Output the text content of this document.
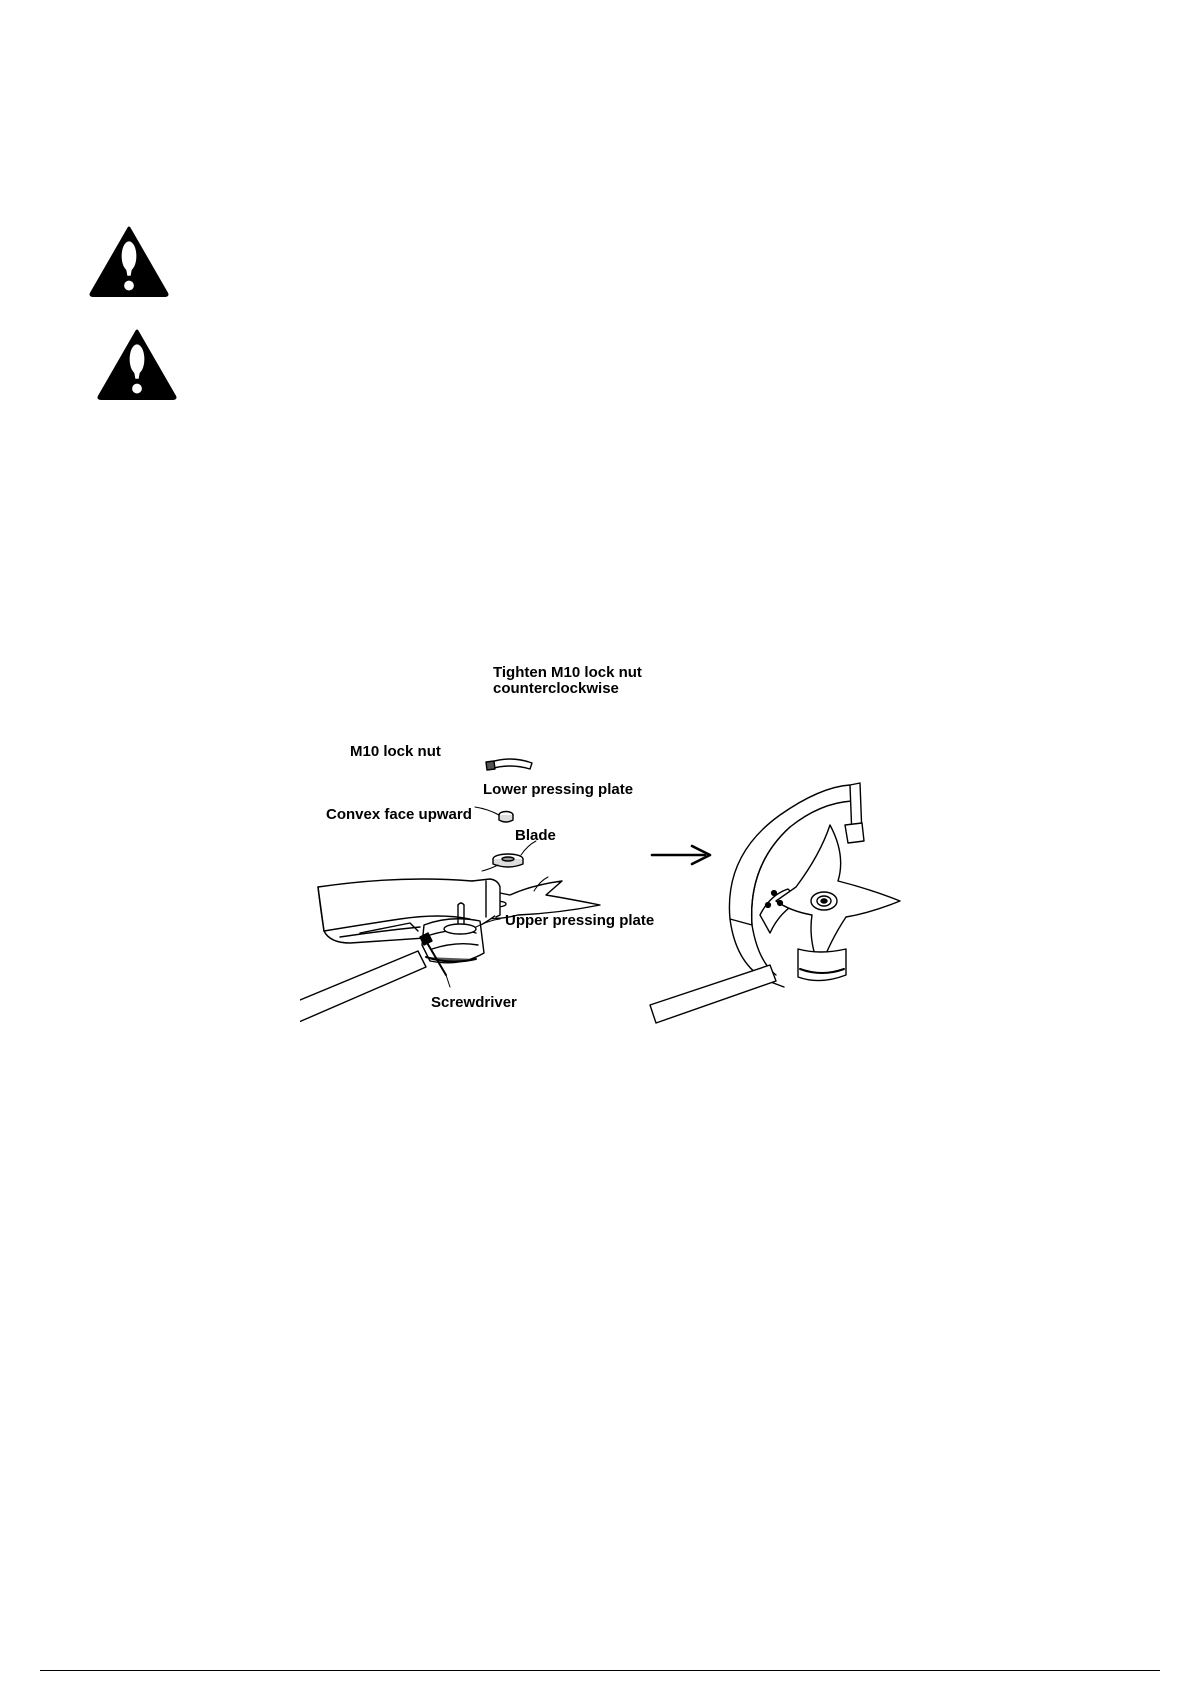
Tighten M10 lock nut
counterclockwise
M10 lock nut
Lower pressing plate
Convex face upward
Blade
Upper pressing plate
Screwdriver
